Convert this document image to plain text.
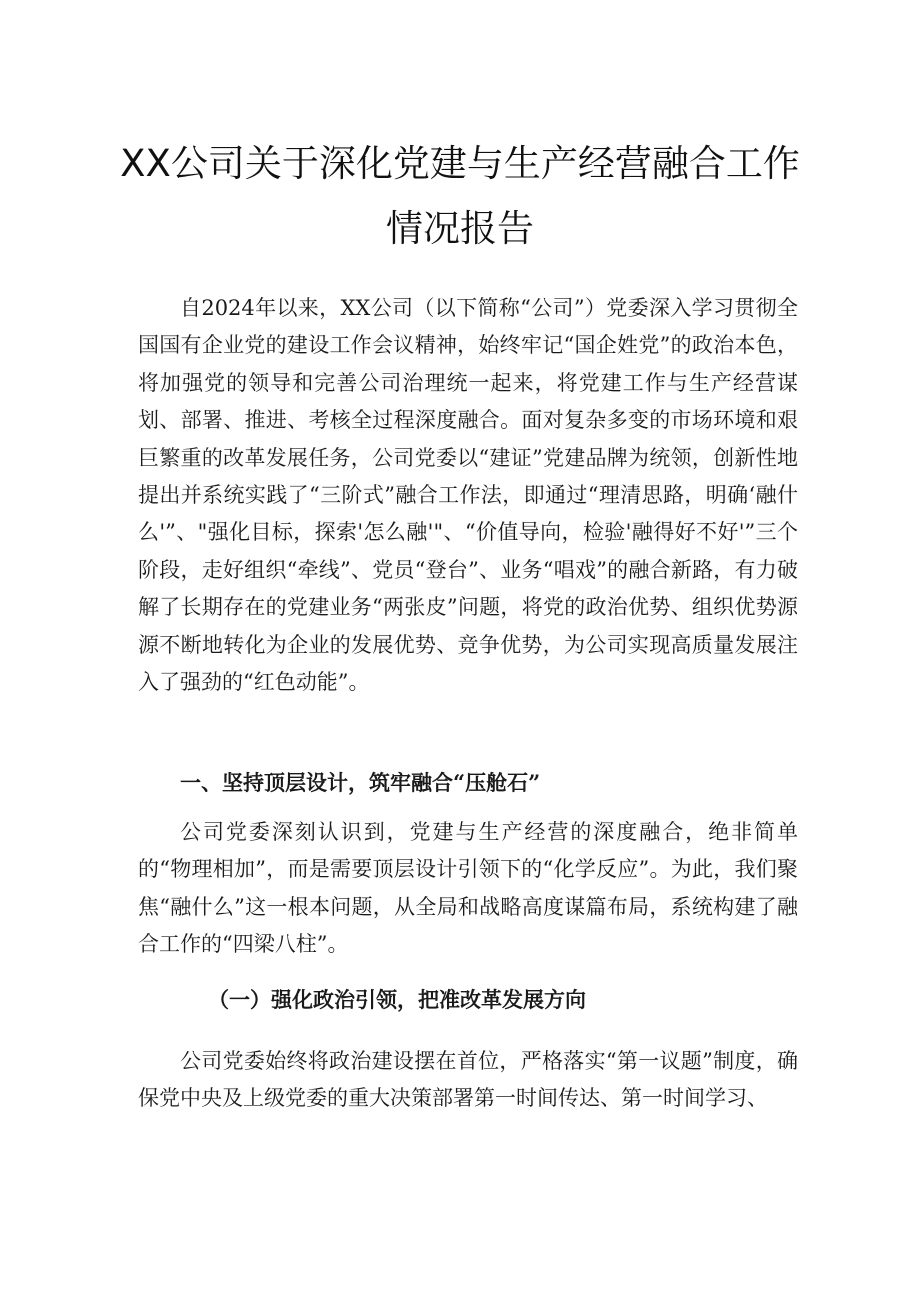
XX公司关于深化党建与生产经营融合工作
情况报告

自2024年以来，XX公司（以下简称“公司”）党委深入学习贯彻全国国有企业党的建设工作会议精神，始终牢记“国企姓党”的政治本色，将加强党的领导和完善公司治理统一起来，将党建工作与生产经营谋划、部署、推进、考核全过程深度融合。面对复杂多变的市场环境和艰巨繁重的改革发展任务，公司党委以“建证”党建品牌为统领，创新性地提出并系统实践了“三阶式”融合工作法，即通过“理清思路，明确‘融什么'”、"强化目标，探索'怎么融'"、“价值导向，检验'融得好不好'”三个阶段，走好组织“牵线”、党员“登台”、业务“唱戏”的融合新路，有力破解了长期存在的党建业务“两张皮”问题，将党的政治优势、组织优势源源不断地转化为企业的发展优势、竞争优势，为公司实现高质量发展注入了强劲的“红色动能”。

一、坚持顶层设计，筑牢融合“压舱石”

公司党委深刻认识到，党建与生产经营的深度融合，绝非简单的“物理相加”，而是需要顶层设计引领下的“化学反应”。为此，我们聚焦“融什么”这一根本问题，从全局和战略高度谋篇布局，系统构建了融合工作的“四梁八柱”。

（一）强化政治引领，把准改革发展方向

公司党委始终将政治建设摆在首位，严格落实“第一议题”制度，确保党中央及上级党委的重大决策部署第一时间传达、第一时间学习、
